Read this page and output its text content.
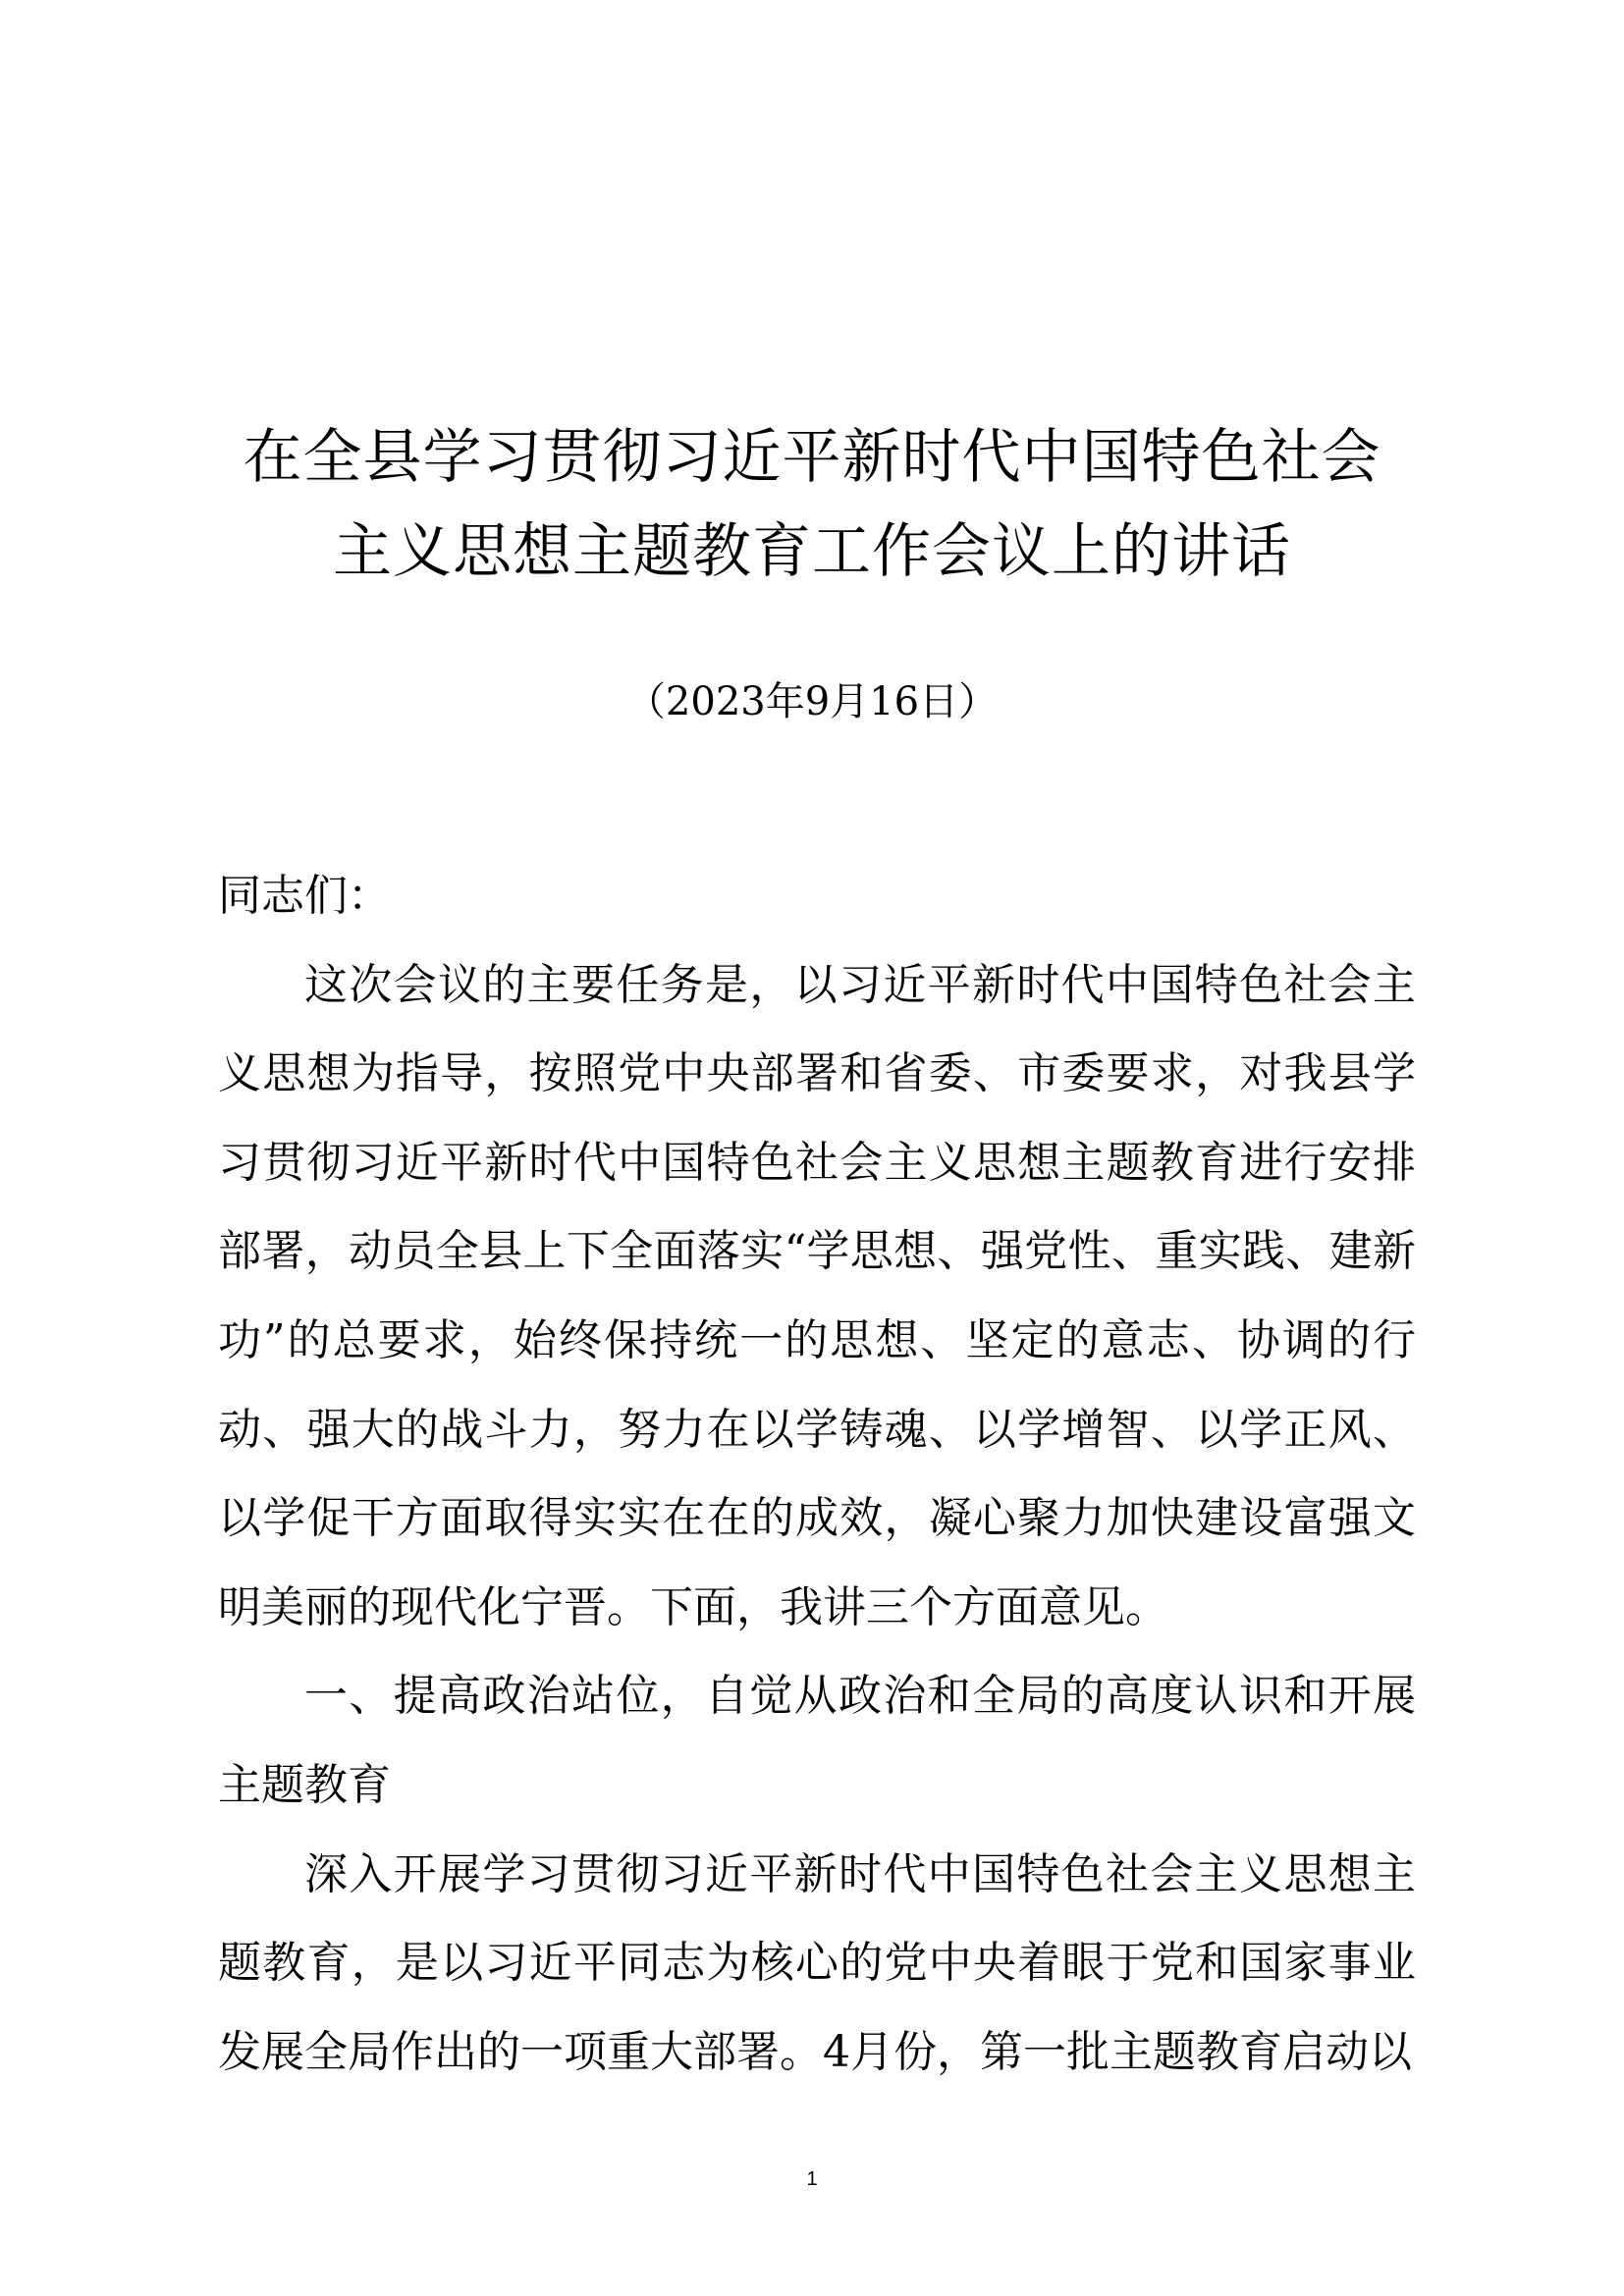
在全县学习贯彻习近平新时代中国特色社会
主义思想主题教育工作会议上的讲话
（2023年9月16日）

同志们：

这次会议的主要任务是，以习近平新时代中国特色社会主义思想为指导，按照党中央部署和省委、市委要求，对我县学习贯彻习近平新时代中国特色社会主义思想主题教育进行安排部署，动员全县上下全面落实“学思想、强党性、重实践、建新功”的总要求，始终保持统一的思想、坚定的意志、协调的行动、强大的战斗力，努力在以学铸魂、以学增智、以学正风、以学促干方面取得实实在在的成效，凝心聚力加快建设富强文明美丽的现代化宁晋。下面，我讲三个方面意见。

一、提高政治站位，自觉从政治和全局的高度认识和开展主题教育

深入开展学习贯彻习近平新时代中国特色社会主义思想主题教育，是以习近平同志为核心的党中央着眼于党和国家事业发展全局作出的一项重大部署。4月份，第一批主题教育启动以

1
